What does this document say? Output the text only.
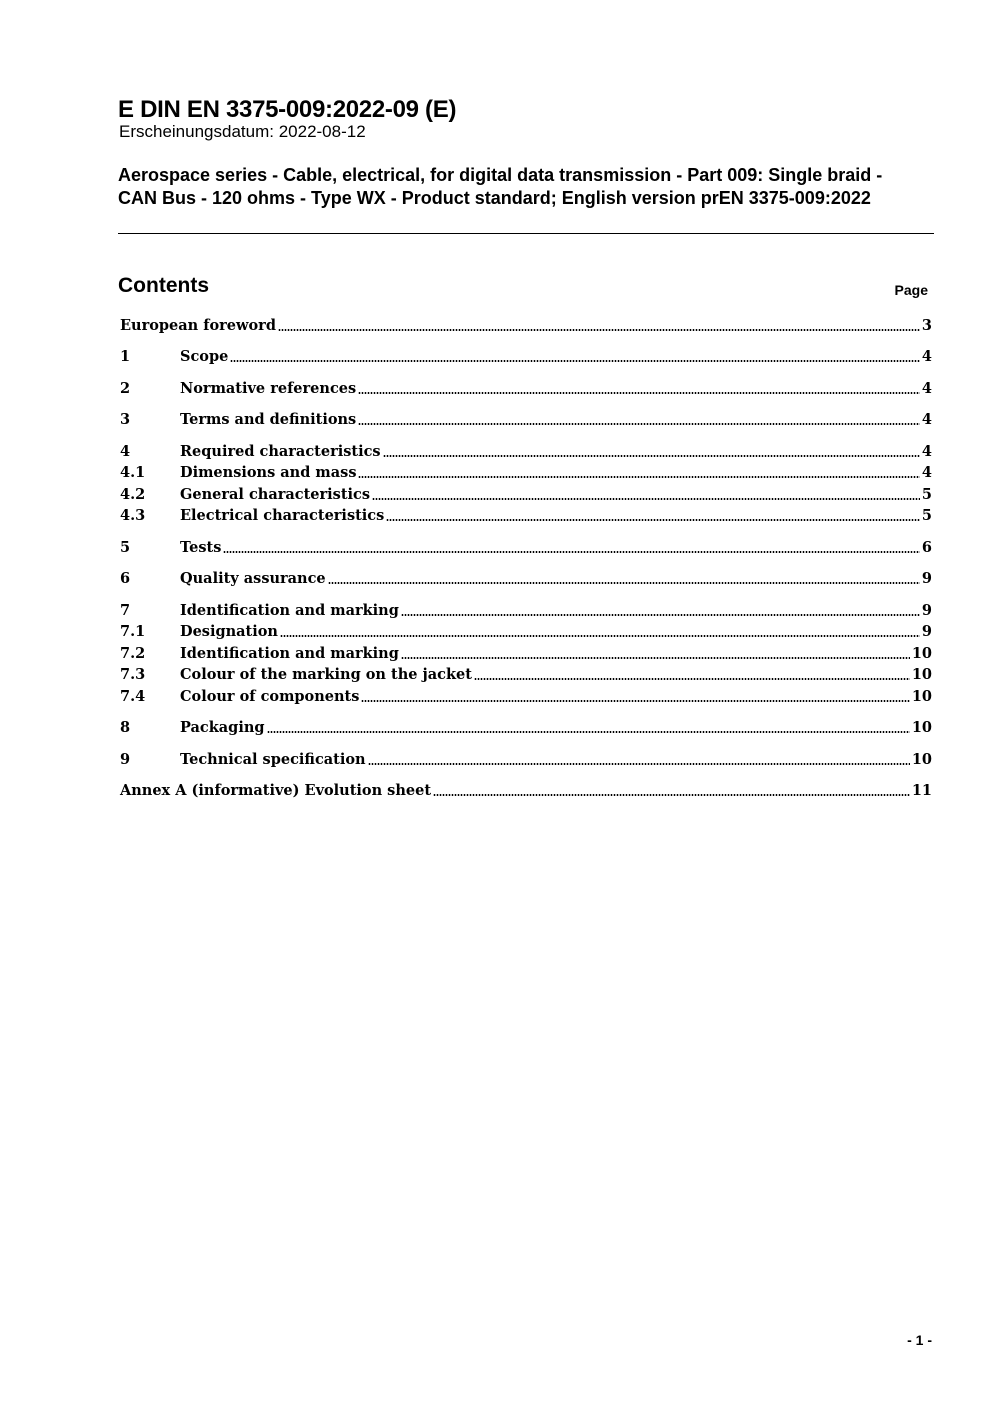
E DIN EN 3375-009:2022-09 (E)
Erscheinungsdatum: 2022-08-12
Aerospace series - Cable, electrical, for digital data transmission - Part 009: Single braid - CAN Bus - 120 ohms - Type WX - Product standard; English version prEN 3375-009:2022
Contents	Page
European foreword	3
1	Scope	4
2	Normative references	4
3	Terms and definitions	4
4	Required characteristics	4
4.1	Dimensions and mass	4
4.2	General characteristics	5
4.3	Electrical characteristics	5
5	Tests	6
6	Quality assurance	9
7	Identification and marking	9
7.1	Designation	9
7.2	Identification and marking	10
7.3	Colour of the marking on the jacket	10
7.4	Colour of components	10
8	Packaging	10
9	Technical specification	10
Annex A (informative) Evolution sheet	11
- 1 -
